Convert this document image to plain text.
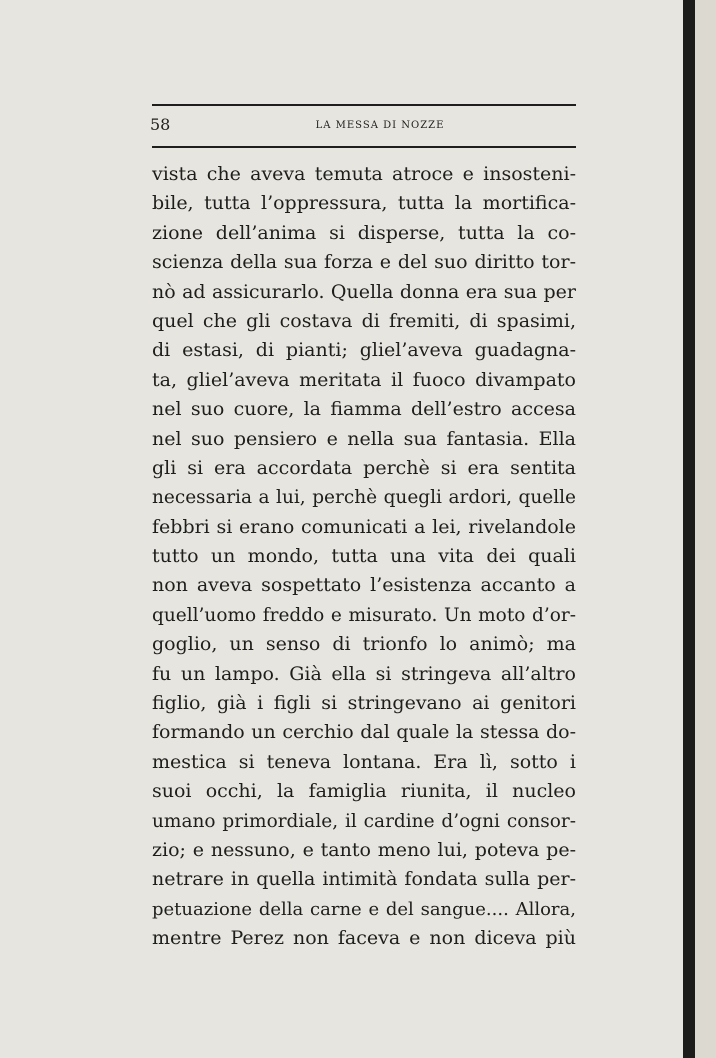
58	LA MESSA DI NOZZE
vista che aveva temuta atroce e insosteni-
bile, tutta l’oppressura, tutta la mortifica-
zione dell’anima si disperse, tutta la co-
scienza della sua forza e del suo diritto tor-
nò ad assicurarlo. Quella donna era sua per
quel che gli costava di fremiti, di spasimi,
di estasi, di pianti; gliel’aveva guadagna-
ta, gliel’aveva meritata il fuoco divampato
nel suo cuore, la fiamma dell’estro accesa
nel suo pensiero e nella sua fantasia. Ella
gli si era accordata perchè si era sentita
necessaria a lui, perchè quegli ardori, quelle
febbri si erano comunicati a lei, rivelandole
tutto un mondo, tutta una vita dei quali
non aveva sospettato l’esistenza accanto a
quell’uomo freddo e misurato. Un moto d’or-
goglio, un senso di trionfo lo animò; ma
fu un lampo. Già ella si stringeva all’altro
figlio, già i figli si stringevano ai genitori
formando un cerchio dal quale la stessa do-
mestica si teneva lontana. Era lì, sotto i
suoi occhi, la famiglia riunita, il nucleo
umano primordiale, il cardine d’ogni consor-
zio; e nessuno, e tanto meno lui, poteva pe-
netrare in quella intimità fondata sulla per-
petuazione della carne e del sangue.... Allora,
mentre Perez non faceva e non diceva più
